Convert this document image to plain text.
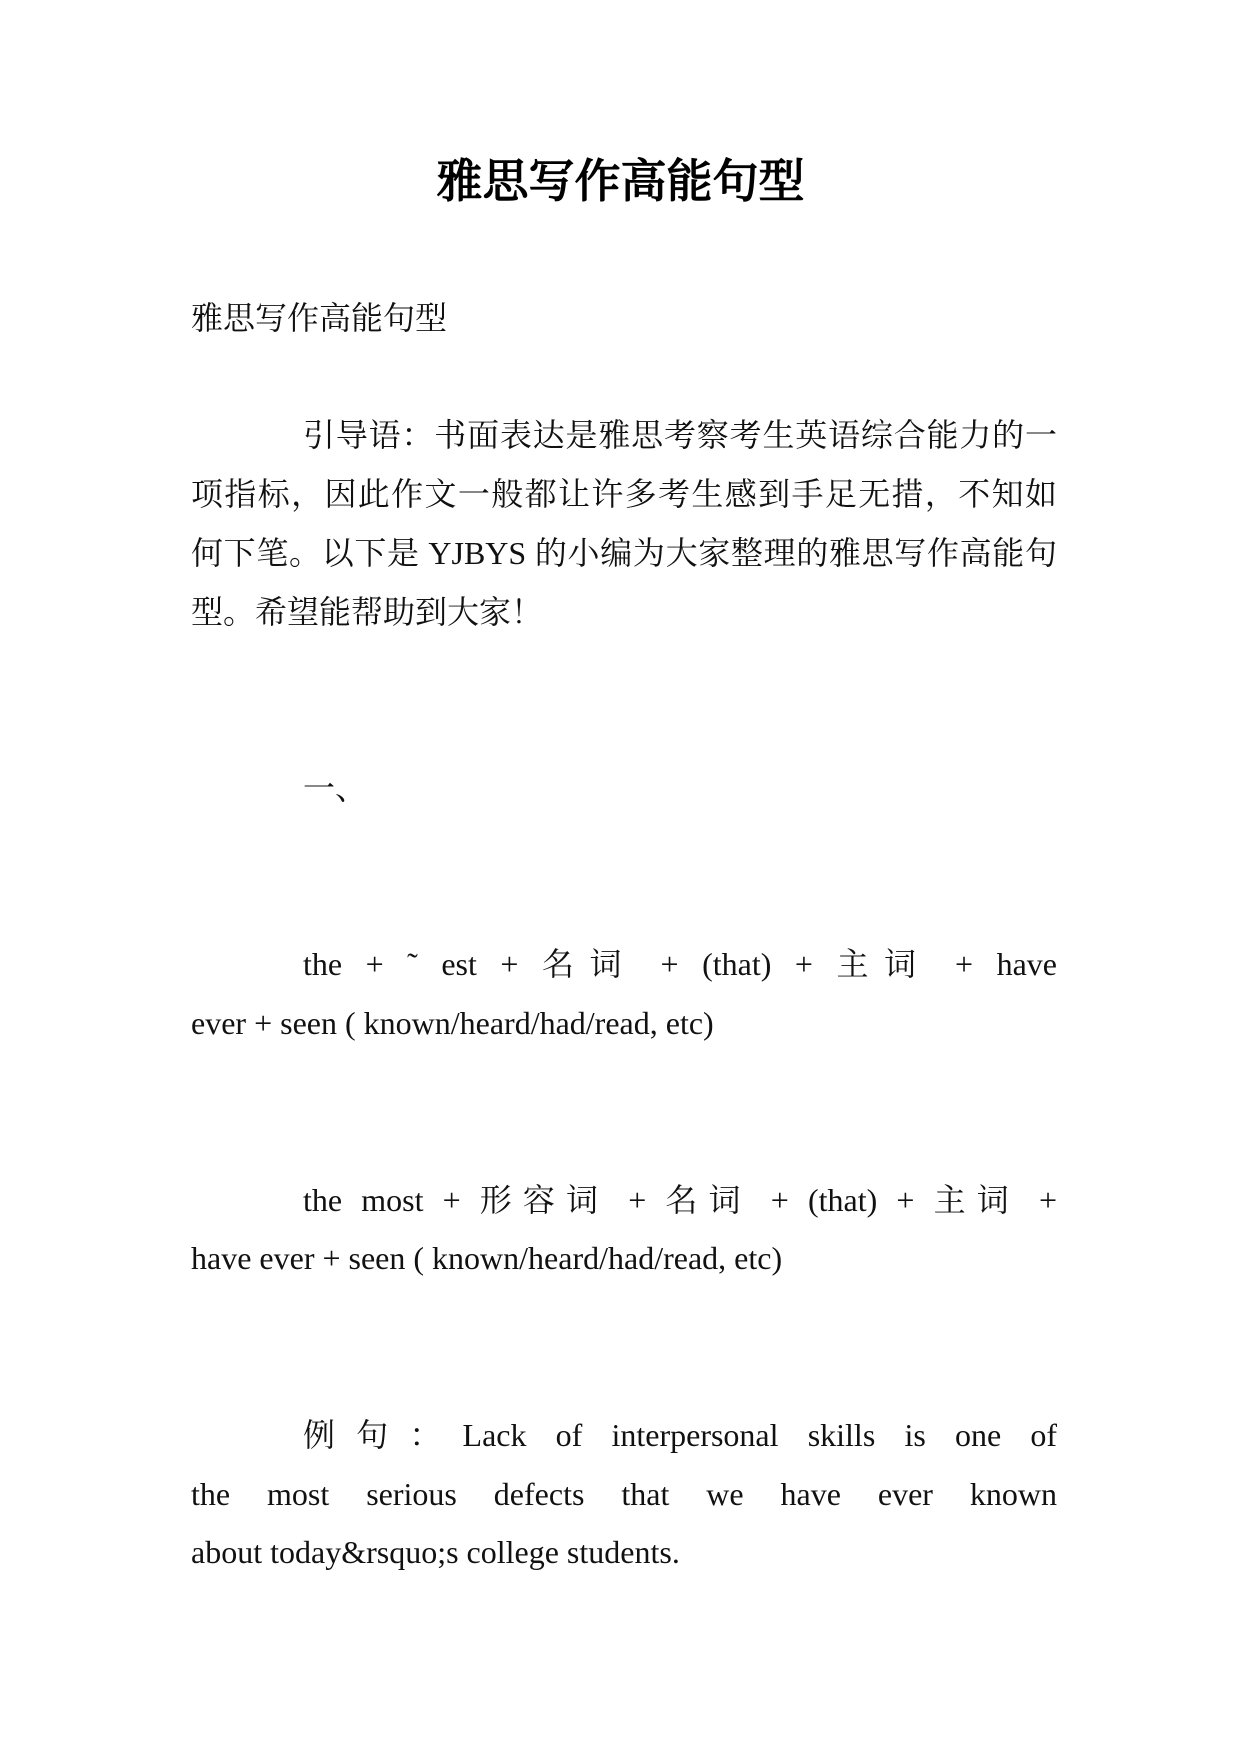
雅思写作高能句型
雅思写作高能句型
引导语：书面表达是雅思考察考生英语综合能力的一
项指标，因此作文一般都让许多考生感到手足无措，不知如
何下笔。以下是 YJBYS 的小编为大家整理的雅思写作高能句
型。希望能帮助到大家！
一、
the + ˜ est + 名词 + (that) + 主词 + have
ever + seen ( known/heard/had/read, etc)
the most + 形容词 + 名词 + (that) + 主词 +
have ever + seen ( known/heard/had/read, etc)
例句：Lack of interpersonal skills is one of
the most serious defects that we have ever known
about today&rsquo;s college students.
